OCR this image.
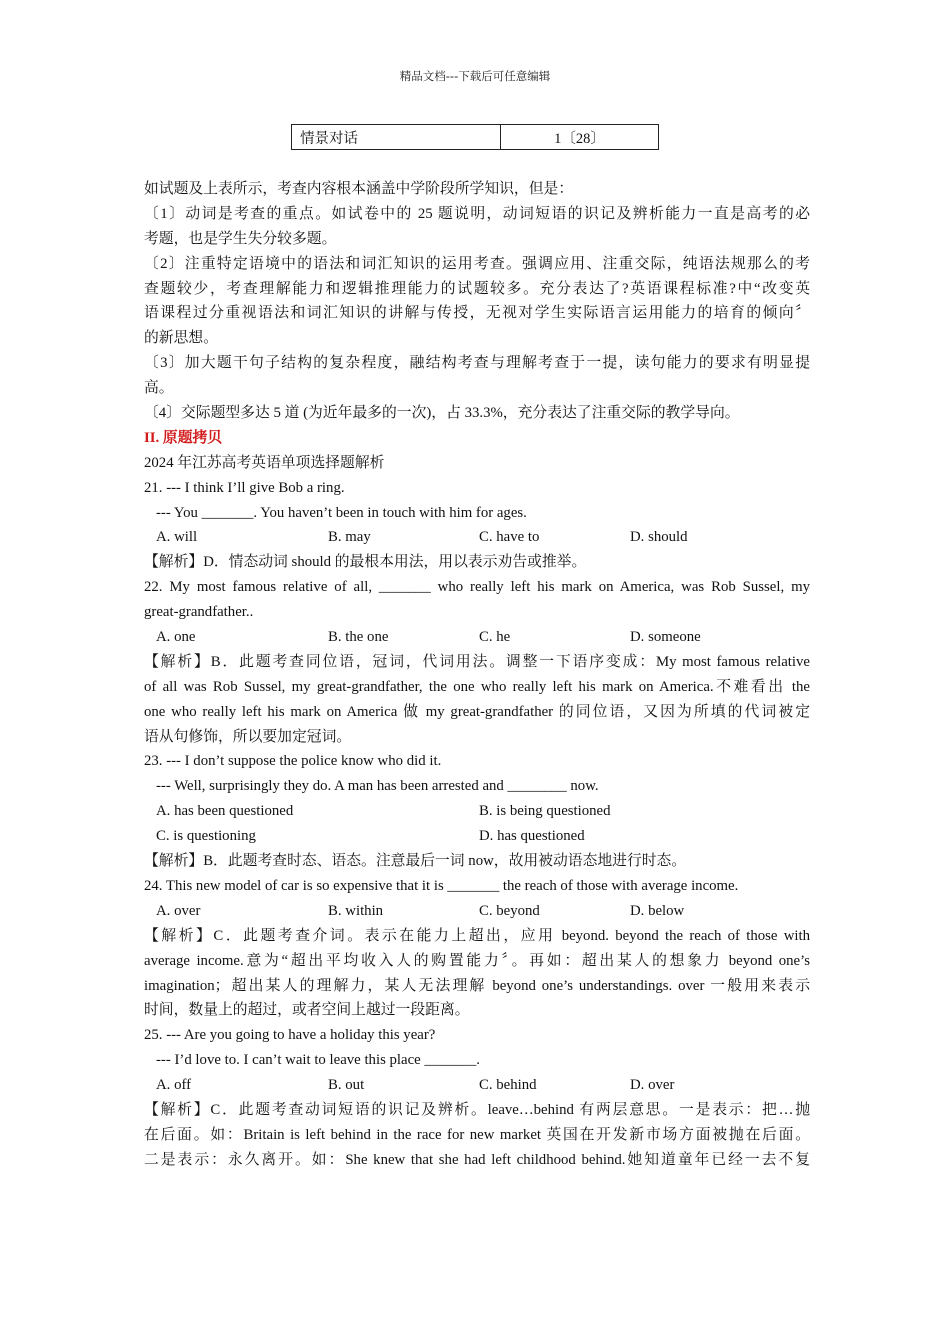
精品文档---下载后可任意编辑
情景对话	1〔28〕
如试题及上表所示，考查内容根本涵盖中学阶段所学知识，但是：
〔1〕动词是考查的重点。如试卷中的 25 题说明，动词短语的识记及辨析能力一直是高考的必
考题，也是学生失分较多题。
〔2〕注重特定语境中的语法和词汇知识的运用考查。强调应用、注重交际，纯语法规那么的考
查题较少，考查理解能力和逻辑推理能力的试题较多。充分表达了?英语课程标准?中“改变英
语课程过分重视语法和词汇知识的讲解与传授，无视对学生实际语言运用能力的培育的倾向〞
的新思想。
〔3〕加大题干句子结构的复杂程度，融结构考查与理解考查于一提，读句能力的要求有明显提
高。
〔4〕交际题型多达 5 道 (为近年最多的一次)，占 33.3%，充分表达了注重交际的教学导向。
II. 原题拷贝
2024 年江苏高考英语单项选择题解析
21. --- I think I’ll give Bob a ring.
--- You _______. You haven’t been in touch with him for ages.
A. will	B. may	C. have to	D. should
【解析】D．情态动词 should 的最根本用法，用以表示劝告或推举。
22. My most famous relative of all, _______ who really left his mark on America, was Rob Sussel, my
great-grandfather..
A. one	B. the one	C. he	D. someone
【解析】B．此题考查同位语，冠词，代词用法。调整一下语序变成：My most famous relative
of all was Rob Sussel, my great-grandfather, the one who really left his mark on America.不难看出 the
one who really left his mark on America 做 my great-grandfather 的同位语，又因为所填的代词被定
语从句修饰，所以要加定冠词。
23. --- I don’t suppose the police know who did it.
--- Well, surprisingly they do. A man has been arrested and ________ now.
A. has been questioned	B. is being questioned
C. is questioning	D. has questioned
【解析】B．此题考查时态、语态。注意最后一词 now，故用被动语态地进行时态。
24. This new model of car is so expensive that it is _______ the reach of those with average income.
A. over	B. within	C. beyond	D. below
【解析】C．此题考查介词。表示在能力上超出，应用 beyond. beyond the reach of those with
average income.意为“超出平均收入人的购置能力〞。再如：超出某人的想象力 beyond one’s
imagination；超出某人的理解力，某人无法理解 beyond one’s understandings. over 一般用来表示
时间，数量上的超过，或者空间上越过一段距离。
25. --- Are you going to have a holiday this year?
--- I’d love to. I can’t wait to leave this place _______.
A. off	B. out	C. behind	D. over
【解析】C．此题考查动词短语的识记及辨析。leave…behind 有两层意思。一是表示：把…抛
在后面。如：Britain is left behind in the race for new market 英国在开发新市场方面被抛在后面。
二是表示：永久离开。如：She knew that she had left childhood behind.她知道童年已经一去不复
